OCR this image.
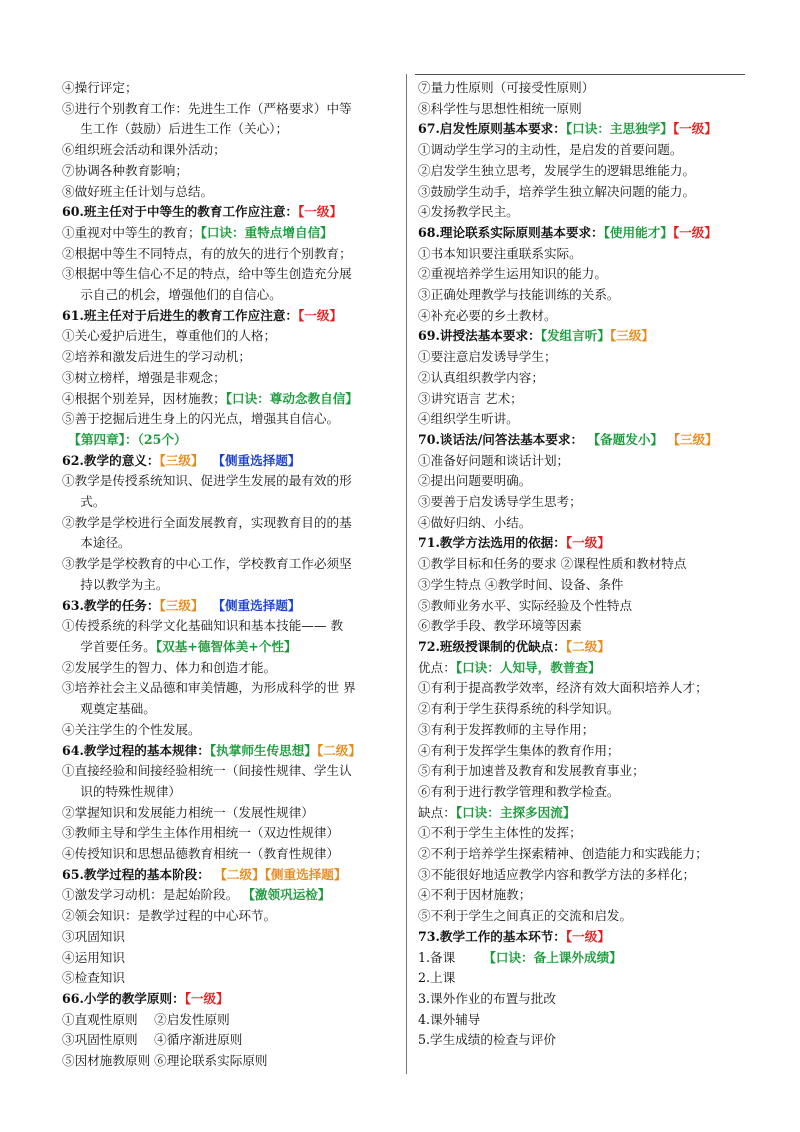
④操行评定；
⑤进行个别教育工作：先进生工作（严格要求）中等
生工作（鼓励）后进生工作（关心）；
⑥组织班会活动和课外活动；
⑦协调各种教育影响；
⑧做好班主任计划与总结。
60.班主任对于中等生的教育工作应注意：【一级】
①重视对中等生的教育；【口诀：重特点增自信】
②根据中等生不同特点，有的放矢的进行个别教育；
③根据中等生信心不足的特点，给中等生创造充分展
示自己的机会，增强他们的自信心。
61.班主任对于后进生的教育工作应注意：【一级】
①关心爱护后进生，尊重他们的人格；
②培养和激发后进生的学习动机；
③树立榜样，增强是非观念；
④根据个别差异，因材施教；【口诀：尊动念教自信】
⑤善于挖掘后进生身上的闪光点，增强其自信心。
【第四章】：（25个）
62.教学的意义：【三级】 【侧重选择题】
①教学是传授系统知识、促进学生发展的最有效的形
式。
②教学是学校进行全面发展教育，实现教育目的的基
本途径。
③教学是学校教育的中心工作，学校教育工作必须坚
持以教学为主。
63.教学的任务：【三级】 【侧重选择题】
①传授系统的科学文化基础知识和基本技能—— 教
学首要任务。【双基+德智体美+个性】
②发展学生的智力、体力和创造才能。
③培养社会主义品德和审美情趣，为形成科学的世 界
观奠定基础。
④关注学生的个性发展。
64.教学过程的基本规律：【执掌师生传思想】【二级】
①直接经验和间接经验相统一（间接性规律、学生认
识的特殊性规律）
②掌握知识和发展能力相统一（发展性规律）
③教师主导和学生主体作用相统一（双边性规律）
④传授知识和思想品德教育相统一（教育性规律）
65.教学过程的基本阶段： 【二级】【侧重选择题】
①激发学习动机：是起始阶段。 【激领巩运检】
②领会知识：是教学过程的中心环节。
③巩固知识
④运用知识
⑤检查知识
66.小学的教学原则：【一级】
①直观性原则　 ②启发性原则
③巩固性原则　 ④循序渐进原则
⑤因材施教原则 ⑥理论联系实际原则
⑦量力性原则（可接受性原则）
⑧科学性与思想性相统一原则
67.启发性原则基本要求：【口诀：主思独学】【一级】
①调动学生学习的主动性，是启发的首要问题。
②启发学生独立思考，发展学生的逻辑思维能力。
③鼓励学生动手，培养学生独立解决问题的能力。
④发扬教学民主。
68.理论联系实际原则基本要求：【使用能才】【一级】
①书本知识要注重联系实际。
②重视培养学生运用知识的能力。
③正确处理教学与技能训练的关系。
④补充必要的乡土教材。
69.讲授法基本要求：【发组言听】【三级】
①要注意启发诱导学生；
②认真组织教学内容；
③讲究语言 艺术；
④组织学生听讲。
70.谈话法/问答法基本要求： 【备题发小】 【三级】
①准备好问题和谈话计划；
②提出问题要明确。
③要善于启发诱导学生思考；
④做好归纳、小结。
71.教学方法选用的依据：【一级】
①教学目标和任务的要求 ②课程性质和教材特点
③学生特点 ④教学时间、设备、条件
⑤教师业务水平、实际经验及个性特点
⑥教学手段、教学环境等因素
72.班级授课制的优缺点：【二级】
优点：【口诀：人知导，教普查】
①有利于提高教学效率，经济有效大面积培养人才；
②有利于学生获得系统的科学知识。
③有利于发挥教师的主导作用；
④有利于发挥学生集体的教育作用；
⑤有利于加速普及教育和发展教育事业；
⑥有利于进行教学管理和教学检查。
缺点：【口诀：主探多因流】
①不利于学生主体性的发挥；
②不利于培养学生探索精神、创造能力和实践能力；
③不能很好地适应教学内容和教学方法的多样化；
④不利于因材施教；
⑤不利于学生之间真正的交流和启发。
73.教学工作的基本环节：【一级】
1.备课 【口诀：备上课外成绩】
2.上课
3.课外作业的布置与批改
4.课外辅导
5.学生成绩的检查与评价
